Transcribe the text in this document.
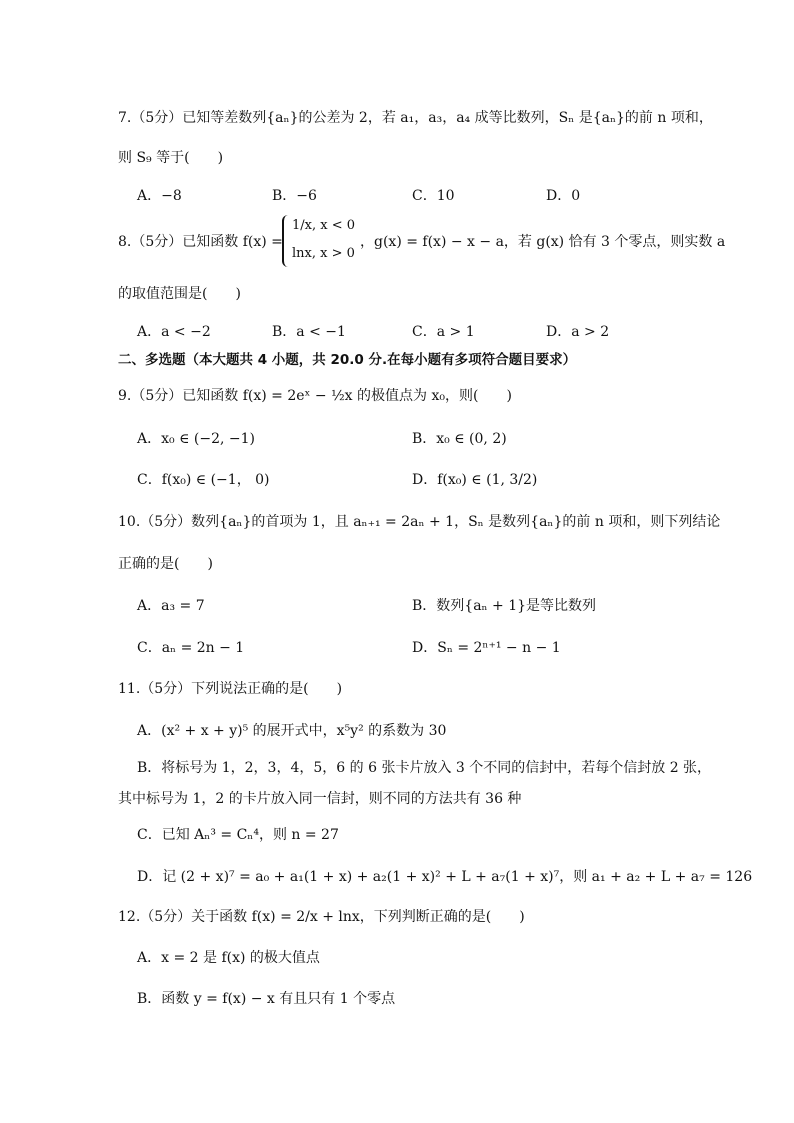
7.（5分）已知等差数列{aₙ}的公差为 2，若 a₁，a₃，a₄ 成等比数列，Sₙ 是{aₙ}的前 n 项和，
则 S₉ 等于(　　)
A．−8	B．−6	C．10	D．0
8.（5分）已知函数 f(x) =
1/x, x < 0
lnx, x > 0
，g(x) = f(x) − x − a，若 g(x) 恰有 3 个零点，则实数 a
的取值范围是(　　)
A．a < −2	B．a < −1	C．a > 1	D．a > 2
二、多选题（本大题共 4 小题，共 20.0 分.在每小题有多项符合题目要求）
9.（5分）已知函数 f(x) = 2eˣ − ½x 的极值点为 x₀，则(　　)
A．x₀ ∈ (−2, −1)	B．x₀ ∈ (0, 2)
C．f(x₀) ∈ (−1， 0)	D．f(x₀) ∈ (1, 3/2)
10.（5分）数列{aₙ}的首项为 1，且 aₙ₊₁ = 2aₙ + 1，Sₙ 是数列{aₙ}的前 n 项和，则下列结论
正确的是(　　)
A．a₃ = 7	B．数列{aₙ + 1}是等比数列
C．aₙ = 2n − 1	D．Sₙ = 2ⁿ⁺¹ − n − 1
11.（5分）下列说法正确的是(　　)
A．(x² + x + y)⁵ 的展开式中，x⁵y² 的系数为 30
B．将标号为 1，2，3，4，5，6 的 6 张卡片放入 3 个不同的信封中，若每个信封放 2 张，
其中标号为 1，2 的卡片放入同一信封，则不同的方法共有 36 种
C．已知 Aₙ³ = Cₙ⁴，则 n = 27
D．记 (2 + x)⁷ = a₀ + a₁(1 + x) + a₂(1 + x)² + L + a₇(1 + x)⁷，则 a₁ + a₂ + L + a₇ = 126
12.（5分）关于函数 f(x) = 2/x + lnx，下列判断正确的是(　　)
A．x = 2 是 f(x) 的极大值点
B．函数 y = f(x) − x 有且只有 1 个零点
